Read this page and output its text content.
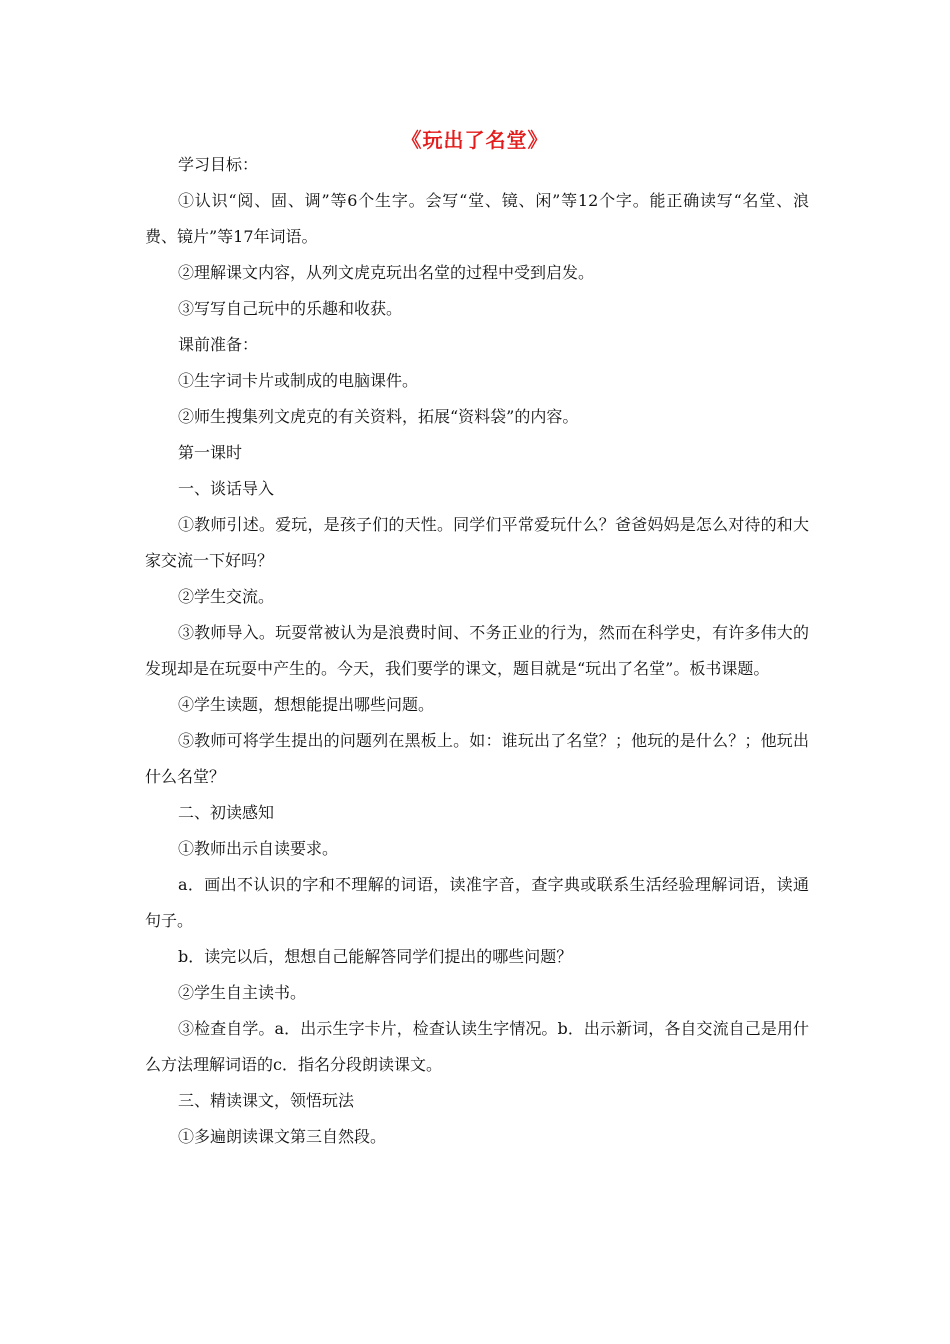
《玩出了名堂》

学习目标：

①认识“阅、固、调”等6个生字。会写“堂、镜、闲”等12个字。能正确读写“名堂、浪费、镜片”等17年词语。

②理解课文内容，从列文虎克玩出名堂的过程中受到启发。

③写写自己玩中的乐趣和收获。

课前准备：

①生字词卡片或制成的电脑课件。

②师生搜集列文虎克的有关资料，拓展“资料袋”的内容。

第一课时

一、谈话导入

①教师引述。爱玩，是孩子们的天性。同学们平常爱玩什么？爸爸妈妈是怎么对待的和大家交流一下好吗？

②学生交流。

③教师导入。玩耍常被认为是浪费时间、不务正业的行为，然而在科学史，有许多伟大的发现却是在玩耍中产生的。今天，我们要学的课文，题目就是“玩出了名堂”。板书课题。

④学生读题，想想能提出哪些问题。

⑤教师可将学生提出的问题列在黑板上。如：谁玩出了名堂？；他玩的是什么？；他玩出什么名堂？

二、初读感知

①教师出示自读要求。

a．画出不认识的字和不理解的词语，读准字音，查字典或联系生活经验理解词语，读通句子。

b．读完以后，想想自己能解答同学们提出的哪些问题？

②学生自主读书。

③检查自学。a．出示生字卡片，检查认读生字情况。b．出示新词，各自交流自己是用什么方法理解词语的c．指名分段朗读课文。

三、精读课文，领悟玩法

①多遍朗读课文第三自然段。
